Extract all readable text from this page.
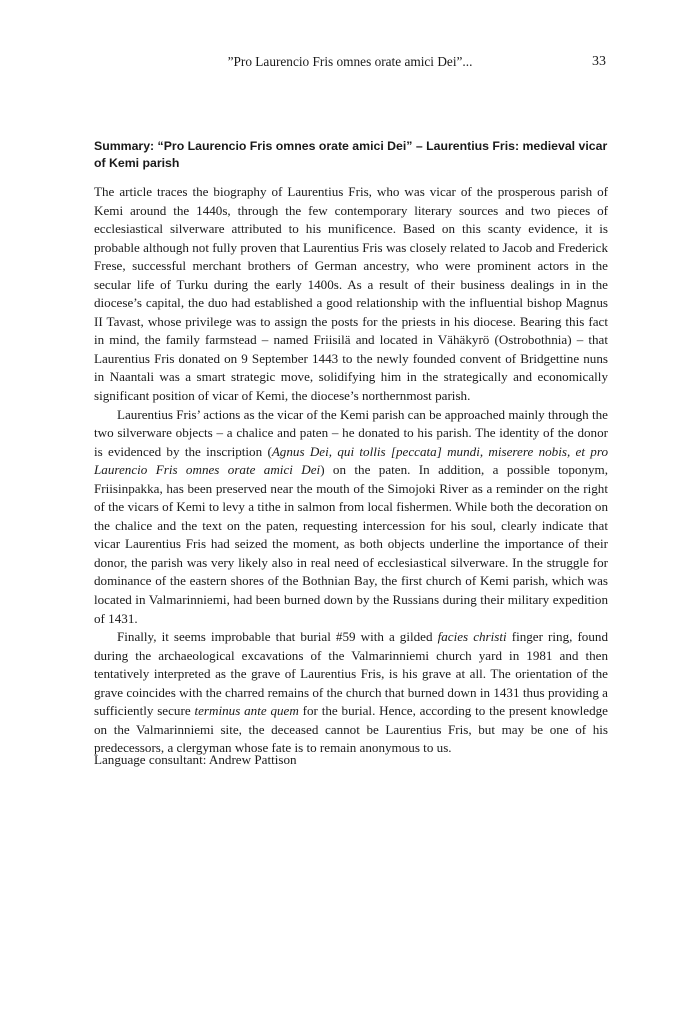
”Pro Laurencio Fris omnes orate amici Dei”...	33
Summary: “Pro Laurencio Fris omnes orate amici Dei” – Laurentius Fris: medieval vicar of Kemi parish

The article traces the biography of Laurentius Fris, who was vicar of the prosperous parish of Kemi around the 1440s, through the few contemporary literary sources and two pieces of ecclesiastical silverware attributed to his munificence. Based on this scanty evidence, it is probable although not fully proven that Laurentius Fris was closely related to Jacob and Frederick Frese, successful merchant brothers of German ancestry, who were prominent actors in the secular life of Turku during the early 1400s. As a result of their business dealings in in the diocese’s capital, the duo had established a good relationship with the influential bishop Magnus II Tavast, whose privilege was to assign the posts for the priests in his diocese. Bearing this fact in mind, the family farmstead – named Friisilä and located in Vähäkyrö (Ostrobothnia) – that Laurentius Fris donated on 9 September 1443 to the newly founded convent of Bridgettine nuns in Naantali was a smart strategic move, solidifying him in the strategically and economically significant position of vicar of Kemi, the diocese’s northernmost parish.

Laurentius Fris’ actions as the vicar of the Kemi parish can be approached mainly through the two silverware objects – a chalice and paten – he donated to his parish. The identity of the donor is evidenced by the inscription (Agnus Dei, qui tollis [peccata] mundi, miserere nobis, et pro Laurencio Fris omnes orate amici Dei) on the paten. In addition, a possible toponym, Friisinpakka, has been preserved near the mouth of the Simojoki River as a reminder on the right of the vicars of Kemi to levy a tithe in salmon from local fishermen. While both the decoration on the chalice and the text on the paten, requesting intercession for his soul, clearly indicate that vicar Laurentius Fris had seized the moment, as both objects underline the importance of their donor, the parish was very likely also in real need of ecclesiastical silverware. In the struggle for dominance of the eastern shores of the Bothnian Bay, the first church of Kemi parish, which was located in Valmarinniemi, had been burned down by the Russians during their military expedition of 1431.

Finally, it seems improbable that burial #59 with a gilded facies christi finger ring, found during the archaeological excavations of the Valmarinniemi church yard in 1981 and then tentatively interpreted as the grave of Laurentius Fris, is his grave at all. The orientation of the grave coincides with the charred remains of the church that burned down in 1431 thus providing a sufficiently secure terminus ante quem for the burial. Hence, according to the present knowledge on the Valmarinniemi site, the deceased cannot be Laurentius Fris, but may be one of his predecessors, a clergyman whose fate is to remain anonymous to us.

Language consultant: Andrew Pattison
